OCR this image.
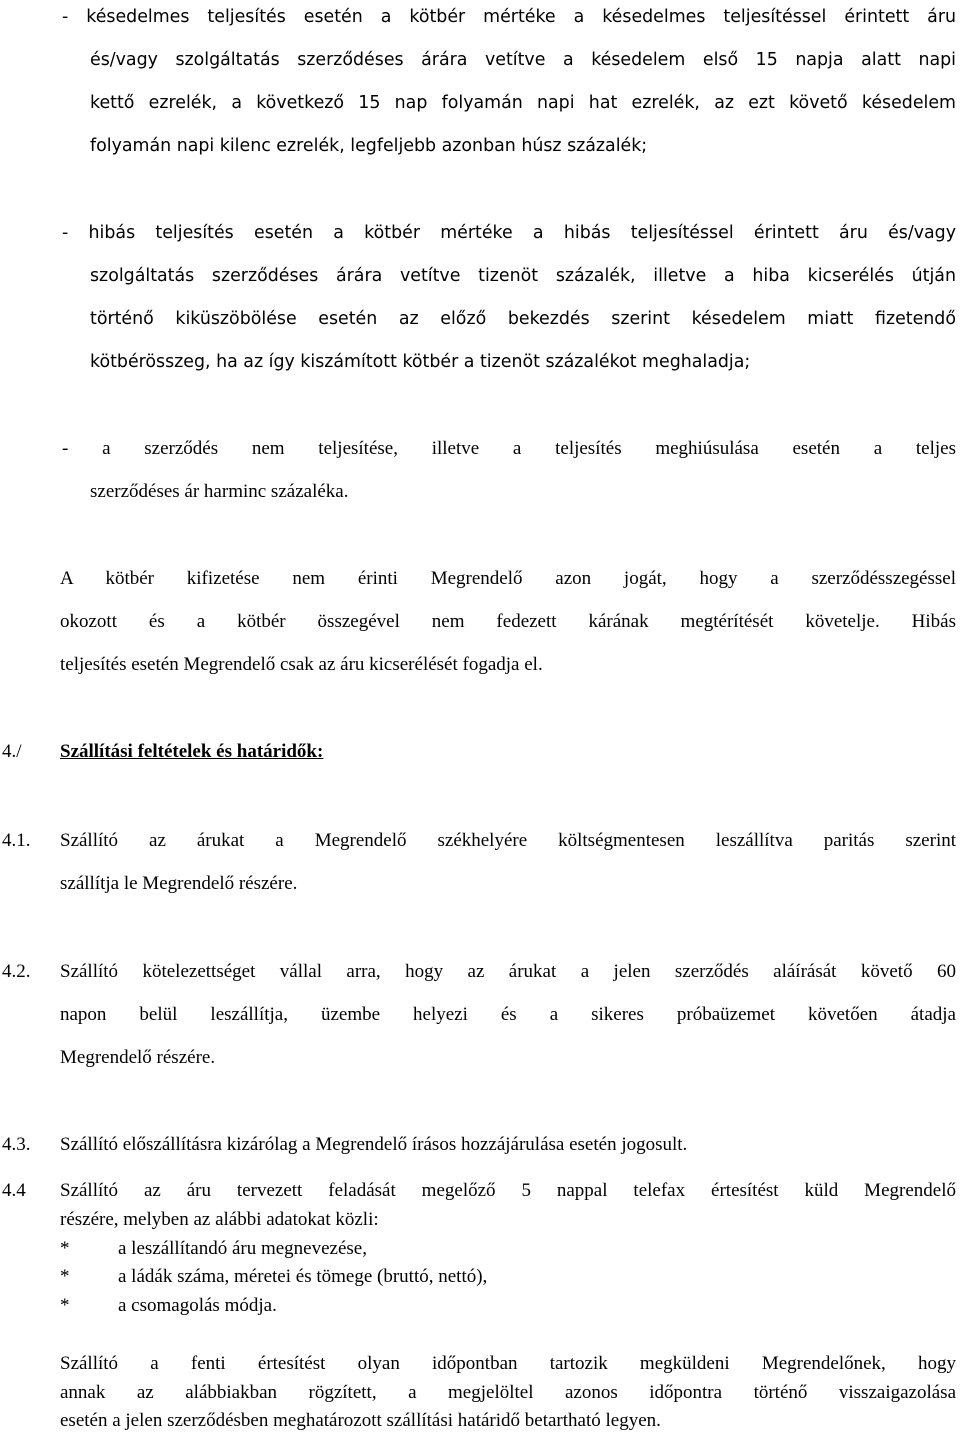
- késedelmes teljesítés esetén a kötbér mértéke a késedelmes teljesítéssel érintett áru
és/vagy szolgáltatás szerződéses árára vetítve a késedelem első 15 napja alatt napi
kettő ezrelék, a következő 15 nap folyamán napi hat ezrelék, az ezt követő késedelem
folyamán napi kilenc ezrelék, legfeljebb azonban húsz százalék;
- hibás teljesítés esetén a kötbér mértéke a hibás teljesítéssel érintett áru és/vagy
szolgáltatás szerződéses árára vetítve tizenöt százalék, illetve a hiba kicserélés útján
történő kiküszöbölése esetén az előző bekezdés szerint késedelem miatt fizetendő
kötbérösszeg, ha az így kiszámított kötbér a tizenöt százalékot meghaladja;
- a szerződés nem teljesítése, illetve a teljesítés meghiúsulása esetén a teljes
szerződéses ár harminc százaléka.
A kötbér kifizetése nem érinti Megrendelő azon jogát, hogy a szerződésszegéssel
okozott és a kötbér összegével nem fedezett kárának megtérítését követelje. Hibás
teljesítés esetén Megrendelő csak az áru kicserélését fogadja el.
4./ Szállítási feltételek és határidők:
4.1. Szállító az árukat a Megrendelő székhelyére költségmentesen leszállítva paritás szerint
szállítja le Megrendelő részére.
4.2. Szállító kötelezettséget vállal arra, hogy az árukat a jelen szerződés aláírását követő 60
napon belül leszállítja, üzembe helyezi és a sikeres próbaüzemet követően átadja
Megrendelő részére.
4.3. Szállító előszállításra kizárólag a Megrendelő írásos hozzájárulása esetén jogosult.
4.4 Szállító az áru tervezett feladását megelőző 5 nappal telefax értesítést küld Megrendelő
részére, melyben az alábbi adatokat közli:
*	a leszállítandó áru megnevezése,
*	a ládák száma, méretei és tömege (bruttó, nettó),
*	a csomagolás módja.
Szállító a fenti értesítést olyan időpontban tartozik megküldeni Megrendelőnek, hogy
annak az alábbiakban rögzített, a megjelöltel azonos időpontra történő visszaigazolása
esetén a jelen szerződésben meghatározott szállítási határidő betartható legyen.
